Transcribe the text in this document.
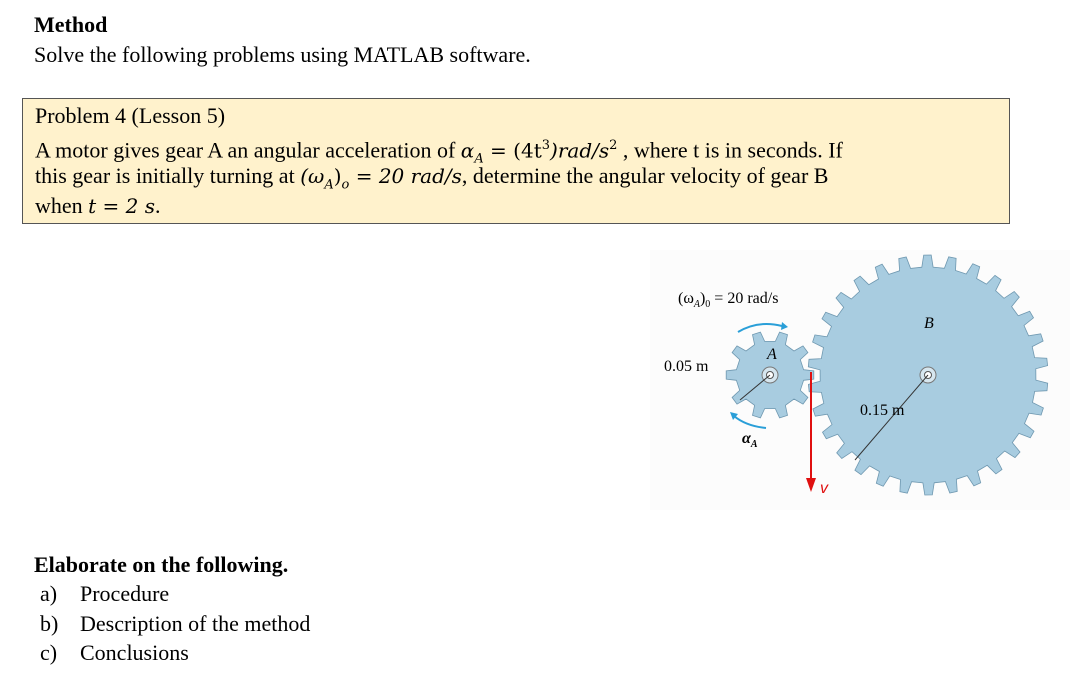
Method
Solve the following problems using MATLAB software.
Problem 4 (Lesson 5)
A motor gives gear A an angular acceleration of $\alpha_A = (4t^3)rad/s^2$ , where t is in seconds. If
this gear is initially turning at $(\omega_A)_o = 20$ rad/s, determine the angular velocity of gear B
when t = 2 s.
$(\omega_A)_0 = 20$ rad/s
B
A
0.05 m
0.15 m
$\alpha_A$
v
Elaborate on the following.
a) Procedure
b) Description of the method
c) Conclusions
